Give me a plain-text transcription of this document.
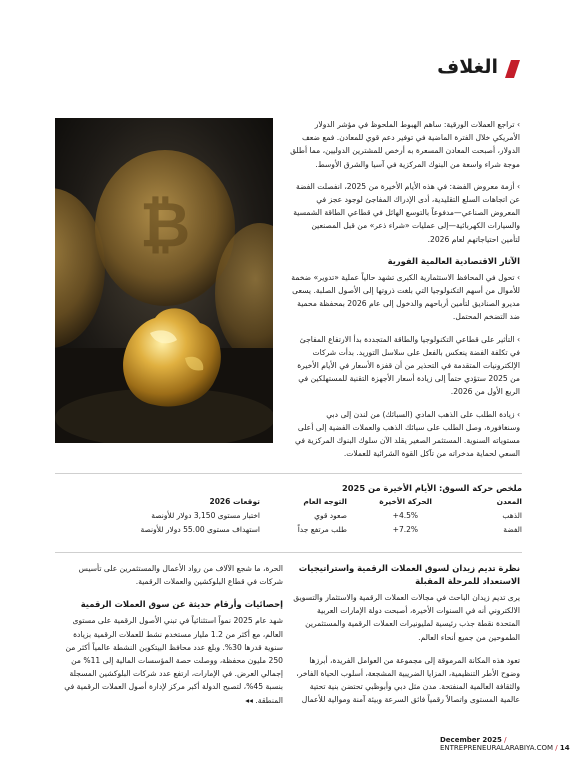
الغلاف
₿

› تراجع العملات الورقية: ساهم الهبوط الملحوظ في مؤشر الدولار الأمريكي خلال الفترة الماضية في توفير دعم قوي للمعادن. فمع ضعف الدولار، أصبحت المعادن المسعرة به أرخص للمشترين الدوليين، مما أطلق موجة شراء واسعة من البنوك المركزية في آسيا والشرق الأوسط.

› أزمة معروض الفضة: في هذه الأيام الأخيرة من 2025، انفصلت الفضة عن اتجاهات السلع التقليدية، أدى الإدراك المفاجئ لوجود عجز في المعروض الصناعي—مدفوعاً بالتوسع الهائل في قطاعي الطاقة الشمسية والسيارات الكهربائية—إلى عمليات «شراء ذعر» من قبل المصنعين لتأمين احتياجاتهم لعام 2026.

الآثار الاقتصادية العالمية الفورية

› تحول في المحافظ الاستثمارية الكبرى تشهد حالياً عملية «تدوير» ضخمة للأموال من أسهم التكنولوجيا التي بلغت ذروتها إلى الأصول الصلبة. يسعى مديرو الصناديق لتأمين أرباحهم والدخول إلى عام 2026 بمحفظة محمية ضد التضخم المحتمل.

› التأثير على قطاعي التكنولوجيا والطاقة المتجددة بدأ الارتفاع المفاجئ في تكلفة الفضة ينعكس بالفعل على سلاسل التوريد. بدأت شركات الإلكترونيات المتقدمة في التحذير من أن قفزة الأسعار في الأيام الأخيرة من 2025 ستؤدي حتماً إلى زيادة أسعار الأجهزة التقنية للمستهلكين في الربع الأول من 2026.

› زيادة الطلب على الذهب المادي (السبائك) من لندن إلى دبي وسنغافورة، وصل الطلب على سبائك الذهب والعملات الفضية إلى أعلى مستوياته السنوية. المستثمر الصغير يقلد الآن سلوك البنوك المركزية في السعي لحماية مدخراته من تآكل القوة الشرائية للعملات.

ملخص حركة السوق: الأيام الأخيرة من 2025
المعدن
الحركة الأخيرة
التوجه العام
توقعات 2026
الذهب
4.5%+
صعود قوي
اختبار مستوى 3,150 دولار للأونصة
الفضة
7.2%+
طلب مرتفع جداً
استهداف مستوى 55.00 دولار للأونصة

نظرة تديم زيدان لسوق العملات الرقمية واستراتيجيات الاستعداد للمرحلة المقبلة

يرى تديم زيدان الباحث في مجالات العملات الرقمية والاستثمار والتسويق الالكتروني أنه في السنوات الأخيرة، أصبحت دولة الإمارات العربية المتحدة نقطة جذب رئيسية لمليونيرات العملات الرقمية والمستثمرين الطموحين من جميع أنحاء العالم.

تعود هذه المكانة المرموقة إلى مجموعة من العوامل الفريدة، أبرزها وضوح الأطر التنظيمية، المزايا الضريبية المشجعة، أسلوب الحياة الفاخر، والثقافة العالمية المنفتحة. مدن مثل دبي وأبوظبي تحتضن بنية تحتية عالمية المستوى واتصالاً رقمياً فائق السرعة وبيئة آمنة وموالية للأعمال

الحرة، ما شجع الآلاف من رواد الأعمال والمستثمرين على تأسيس شركات في قطاع البلوكشين والعملات الرقمية.

إحصائيات وأرقام حديثة عن سوق العملات الرقمية

شهد عام 2025 نمواً استثنائياً في تبني الأصول الرقمية على مستوى العالم، مع أكثر من 1.2 مليار مستخدم نشط للعملات الرقمية بزيادة سنوية قدرها 30%. وبلغ عدد محافظ البيتكوين النشطة عالمياً أكثر من 250 مليون محفظة، ووصلت حصة المؤسسات المالية إلى 11% من إجمالي العرض. في الإمارات، ارتفع عدد شركات البلوكشين المسجلة بنسبة 45%، لتصبح الدولة أكبر مركز لإدارة أصول العملات الرقمية في المنطقة. ◂◂

December 2025 / ENTREPRENEURALARABIYA.COM / 14
